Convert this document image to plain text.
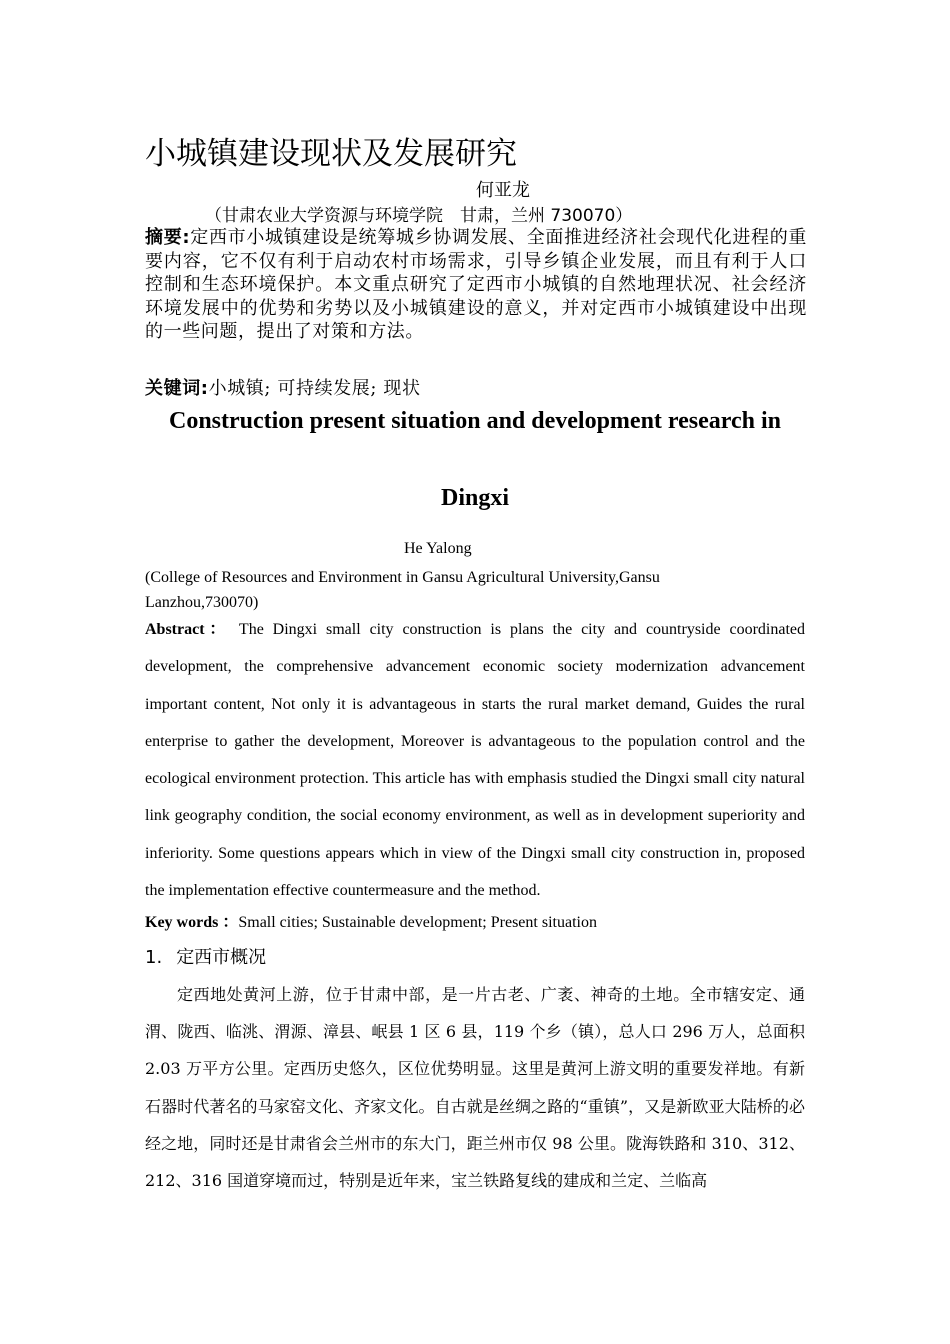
小城镇建设现状及发展研究
何亚龙
（甘肃农业大学资源与环境学院　甘肃，兰州 730070）
摘要:定西市小城镇建设是统筹城乡协调发展、全面推进经济社会现代化进程的重要内容，它不仅有利于启动农村市场需求，引导乡镇企业发展，而且有利于人口控制和生态环境保护。本文重点研究了定西市小城镇的自然地理状况、社会经济环境发展中的优势和劣势以及小城镇建设的意义，并对定西市小城镇建设中出现的一些问题，提出了对策和方法。
关键词:小城镇; 可持续发展; 现状
Construction present situation and development research in
Dingxi
He Yalong
(College of Resources and Environment in Gansu Agricultural University,Gansu Lanzhou,730070)
Abstract： The Dingxi small city construction is plans the city and countryside coordinated development, the comprehensive advancement economic society modernization advancement important content, Not only it is advantageous in starts the rural market demand, Guides the rural enterprise to gather the development, Moreover is advantageous to the population control and the ecological environment protection. This article has with emphasis studied the Dingxi small city natural link geography condition, the social economy environment, as well as in development superiority and inferiority. Some questions appears which in view of the Dingxi small city construction in, proposed the implementation effective countermeasure and the method.
Key words ：Small cities; Sustainable development; Present situation
1. 定西市概况
定西地处黄河上游，位于甘肃中部，是一片古老、广袤、神奇的土地。全市辖安定、通渭、陇西、临洮、渭源、漳县、岷县 1 区 6 县，119 个乡（镇），总人口 296 万人，总面积 2.03 万平方公里。定西历史悠久，区位优势明显。这里是黄河上游文明的重要发祥地。有新石器时代著名的马家窑文化、齐家文化。自古就是丝绸之路的“重镇”，又是新欧亚大陆桥的必经之地，同时还是甘肃省会兰州市的东大门，距兰州市仅 98 公里。陇海铁路和 310、312、212、316 国道穿境而过，特别是近年来，宝兰铁路复线的建成和兰定、兰临高
